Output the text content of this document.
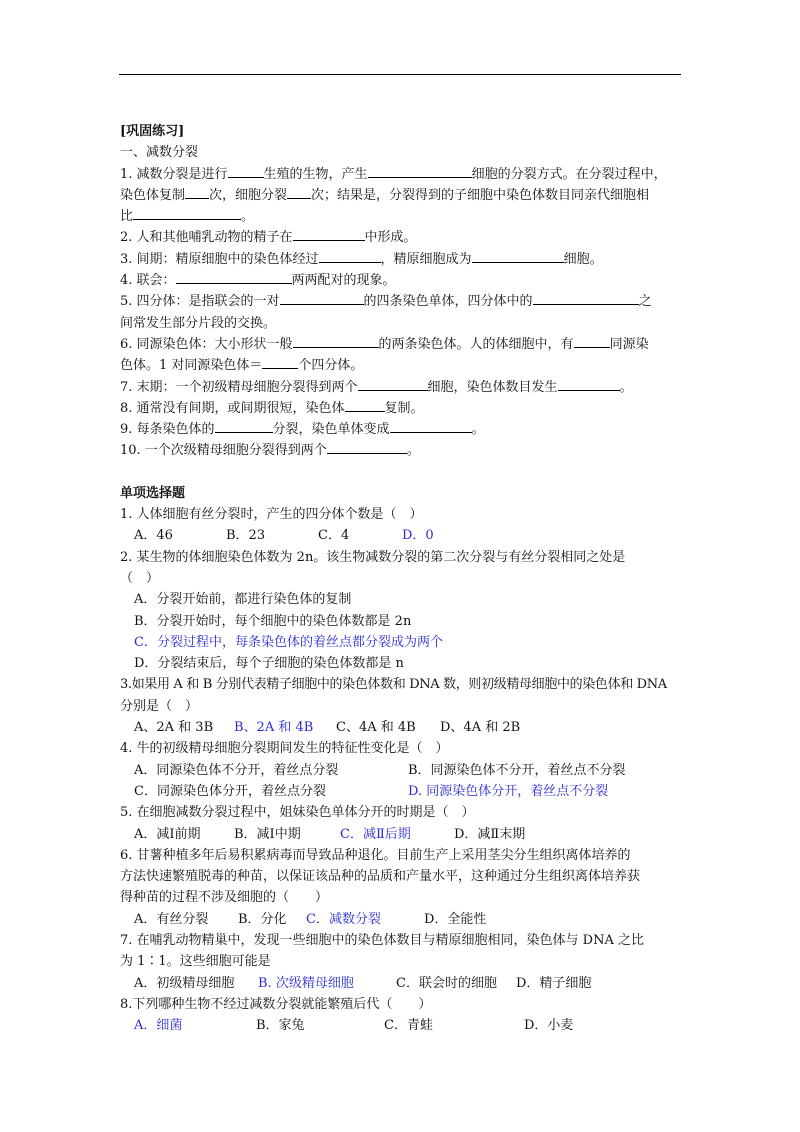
[巩固练习]
一、减数分裂
1. 减数分裂是进行	生殖的生物，产生	细胞的分裂方式。在分裂过程中，
染色体复制 次，细胞分裂 次；结果是，分裂得到的子细胞中染色体数目同亲代细胞相
比	。
2. 人和其他哺乳动物的精子在	中形成。
3. 间期：精原细胞中的染色体经过	，精原细胞成为	细胞。
4. 联会：	两两配对的现象。
5. 四分体：是指联会的一对	的四条染色单体，四分体中的	之
间常发生部分片段的交换。
6. 同源染色体：大小形状一般	的两条染色体。人的体细胞中，有	同源染
色体。1 对同源染色体＝	个四分体。
7. 末期：一个初级精母细胞分裂得到两个	细胞，染色体数目发生	。
8. 通常没有间期，或间期很短，染色体	复制。
9. 每条染色体的	分裂，染色单体变成	。
10. 一个次级精母细胞分裂得到两个	。
单项选择题
1. 人体细胞有丝分裂时，产生的四分体个数是（　）
A．46	B．23	C．4	D．0
2. 某生物的体细胞染色体数为 2n。该生物减数分裂的第二次分裂与有丝分裂相同之处是
（　）
A．分裂开始前，都进行染色体的复制
B．分裂开始时，每个细胞中的染色体数都是 2n
C．分裂过程中，每条染色体的着丝点都分裂成为两个
D．分裂结束后，每个子细胞的染色体数都是 n
3.如果用 A 和 B 分别代表精子细胞中的染色体数和 DNA 数，则初级精母细胞中的染色体和 DNA
分别是（　）
A、2A 和 3B B、2A 和 4B C、4A 和 4B D、4A 和 2B
4. 牛的初级精母细胞分裂期间发生的特征性变化是（　）
A．同源染色体不分开，着丝点分裂	B．同源染色体不分开，着丝点不分裂
C．同源染色体分开，着丝点分裂	D. 同源染色体分开，着丝点不分裂
5. 在细胞减数分裂过程中，姐妹染色单体分开的时期是（　）
A．减Ⅰ前期	B．减Ⅰ中期	C．减Ⅱ后期	D．减Ⅱ末期
6. 甘薯种植多年后易积累病毒而导致品种退化。目前生产上采用茎尖分生组织离体培养的
方法快速繁殖脱毒的种苗，以保证该品种的品质和产量水平，这种通过分生组织离体培养获
得种苗的过程不涉及细胞的（　　）
A．有丝分裂 B．分化 C．减数分裂	D．全能性
7. 在哺乳动物精巢中，发现一些细胞中的染色体数目与精原细胞相同，染色体与 DNA 之比
为 1∶1。这些细胞可能是
A．初级精母细胞 B. 次级精母细胞	C．联会时的细胞 D．精子细胞
8.下列哪种生物不经过减数分裂就能繁殖后代（　　）
A．细菌	B．家兔	C．青蛙	D．小麦
